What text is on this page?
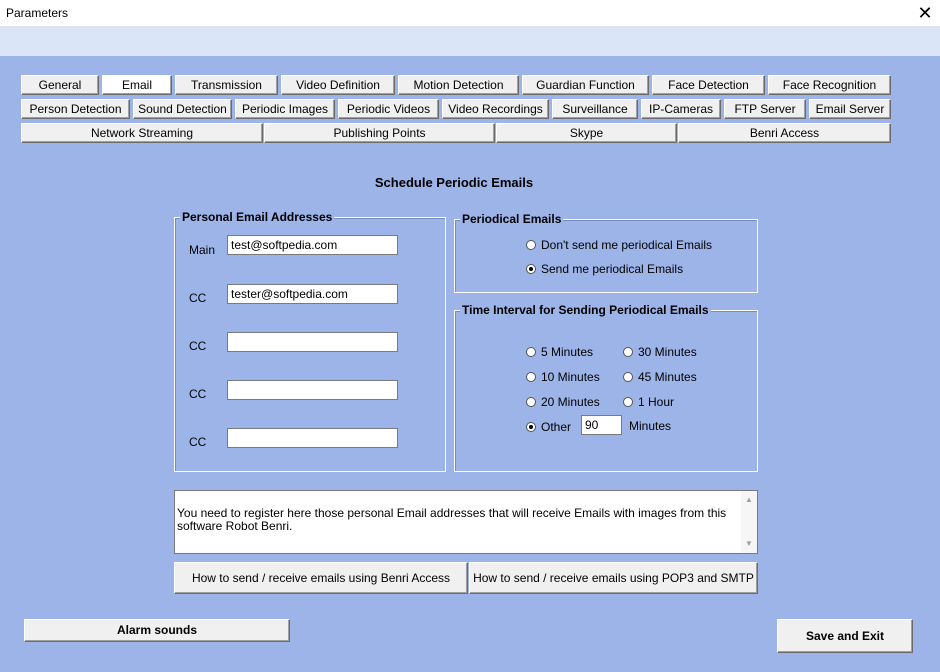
Parameters	✕
General	Email	Transmission	Video Definition	Motion Detection	Guardian Function	Face Detection	Face Recognition
Person Detection	Sound Detection	Periodic Images	Periodic Videos	Video Recordings	Surveillance	IP-Cameras	FTP Server	Email Server
Network Streaming	Publishing Points	Skype	Benri Access
Schedule Periodic Emails
Personal Email Addresses
Main	test@softpedia.com
CC	tester@softpedia.com
CC
CC
CC
Periodical Emails
Don't send me periodical Emails
Send me periodical Emails
Time Interval for Sending Periodical Emails
5 Minutes	30 Minutes
10 Minutes	45 Minutes
20 Minutes	1 Hour
Other	90	Minutes
You need to register here those personal Email addresses that will receive Emails with images from this software Robot Benri.
▲
▼
How to send / receive emails using Benri Access	How to send / receive emails using POP3 and SMTP
Alarm sounds	Save and Exit
